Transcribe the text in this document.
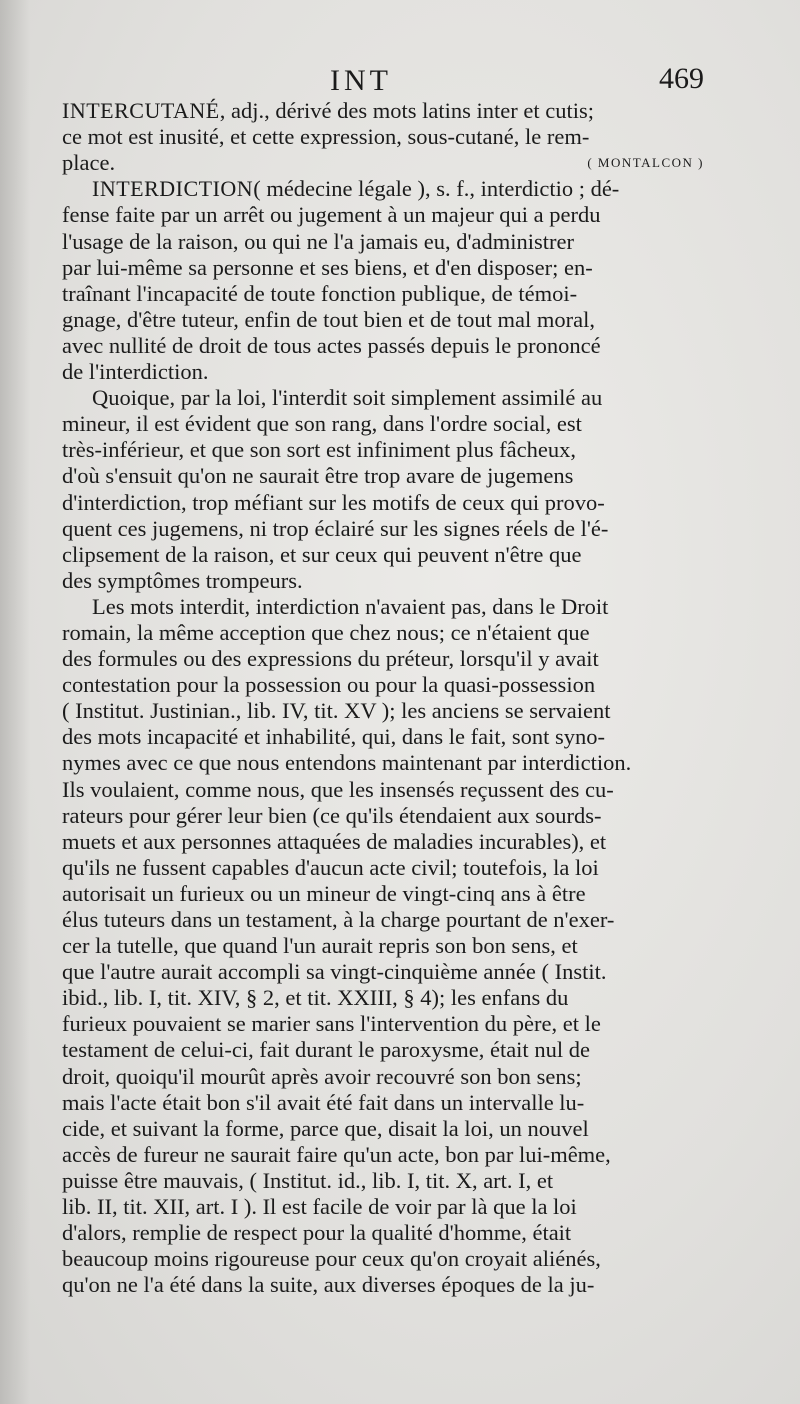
INT	469
INTERCUTANÉ, adj., dérivé des mots latins inter et cutis;
ce mot est inusité, et cette expression, sous-cutané, le rem-
place.	( MONTALCON )
INTERDICTION( médecine légale ), s. f., interdictio ; dé-
fense faite par un arrêt ou jugement à un majeur qui a perdu
l'usage de la raison, ou qui ne l'a jamais eu, d'administrer
par lui-même sa personne et ses biens, et d'en disposer; en-
traînant l'incapacité de toute fonction publique, de témoi-
gnage, d'être tuteur, enfin de tout bien et de tout mal moral,
avec nullité de droit de tous actes passés depuis le prononcé
de l'interdiction.
Quoique, par la loi, l'interdit soit simplement assimilé au
mineur, il est évident que son rang, dans l'ordre social, est
très-inférieur, et que son sort est infiniment plus fâcheux,
d'où s'ensuit qu'on ne saurait être trop avare de jugemens
d'interdiction, trop méfiant sur les motifs de ceux qui provo-
quent ces jugemens, ni trop éclairé sur les signes réels de l'é-
clipsement de la raison, et sur ceux qui peuvent n'être que
des symptômes trompeurs.
Les mots interdit, interdiction n'avaient pas, dans le Droit
romain, la même acception que chez nous; ce n'étaient que
des formules ou des expressions du préteur, lorsqu'il y avait
contestation pour la possession ou pour la quasi-possession
( Institut. Justinian., lib. IV, tit. XV ); les anciens se servaient
des mots incapacité et inhabilité, qui, dans le fait, sont syno-
nymes avec ce que nous entendons maintenant par interdiction.
Ils voulaient, comme nous, que les insensés reçussent des cu-
rateurs pour gérer leur bien (ce qu'ils étendaient aux sourds-
muets et aux personnes attaquées de maladies incurables), et
qu'ils ne fussent capables d'aucun acte civil; toutefois, la loi
autorisait un furieux ou un mineur de vingt-cinq ans à être
élus tuteurs dans un testament, à la charge pourtant de n'exer-
cer la tutelle, que quand l'un aurait repris son bon sens, et
que l'autre aurait accompli sa vingt-cinquième année ( Instit.
ibid., lib. I, tit. XIV, § 2, et tit. XXIII, § 4); les enfans du
furieux pouvaient se marier sans l'intervention du père, et le
testament de celui-ci, fait durant le paroxysme, était nul de
droit, quoiqu'il mourût après avoir recouvré son bon sens;
mais l'acte était bon s'il avait été fait dans un intervalle lu-
cide, et suivant la forme, parce que, disait la loi, un nouvel
accès de fureur ne saurait faire qu'un acte, bon par lui-même,
puisse être mauvais, ( Institut. id., lib. I, tit. X, art. I, et
lib. II, tit. XII, art. I ). Il est facile de voir par là que la loi
d'alors, remplie de respect pour la qualité d'homme, était
beaucoup moins rigoureuse pour ceux qu'on croyait aliénés,
qu'on ne l'a été dans la suite, aux diverses époques de la ju-
